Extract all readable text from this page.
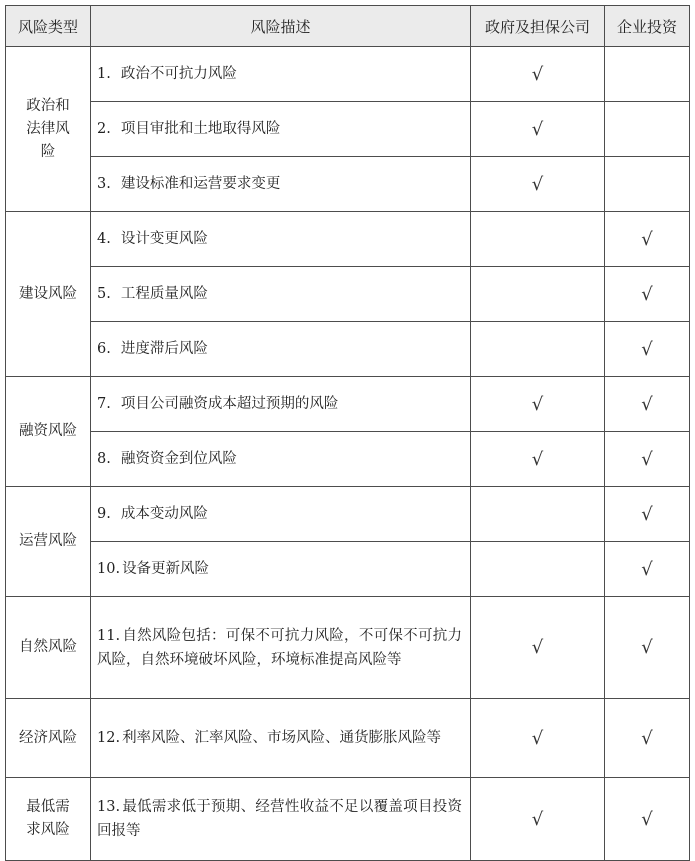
风险类型	风险描述	政府及担保公司	企业投资
政治和法律风险	1. 政治不可抗力风险	√	
	2. 项目审批和土地取得风险	√	
	3. 建设标准和运营要求变更	√	
建设风险	4. 设计变更风险		√
	5. 工程质量风险		√
	6. 进度滞后风险		√
融资风险	7. 项目公司融资成本超过预期的风险	√	√
	8. 融资资金到位风险	√	√
运营风险	9. 成本变动风险		√
	10. 设备更新风险		√
自然风险	11. 自然风险包括：可保不可抗力风险，不可保不可抗力风险，自然环境破坏风险，环境标准提高风险等	√	√
经济风险	12. 利率风险、汇率风险、市场风险、通货膨胀风险等	√	√
最低需求风险	13. 最低需求低于预期、经营性收益不足以覆盖项目投资回报等	√	√
